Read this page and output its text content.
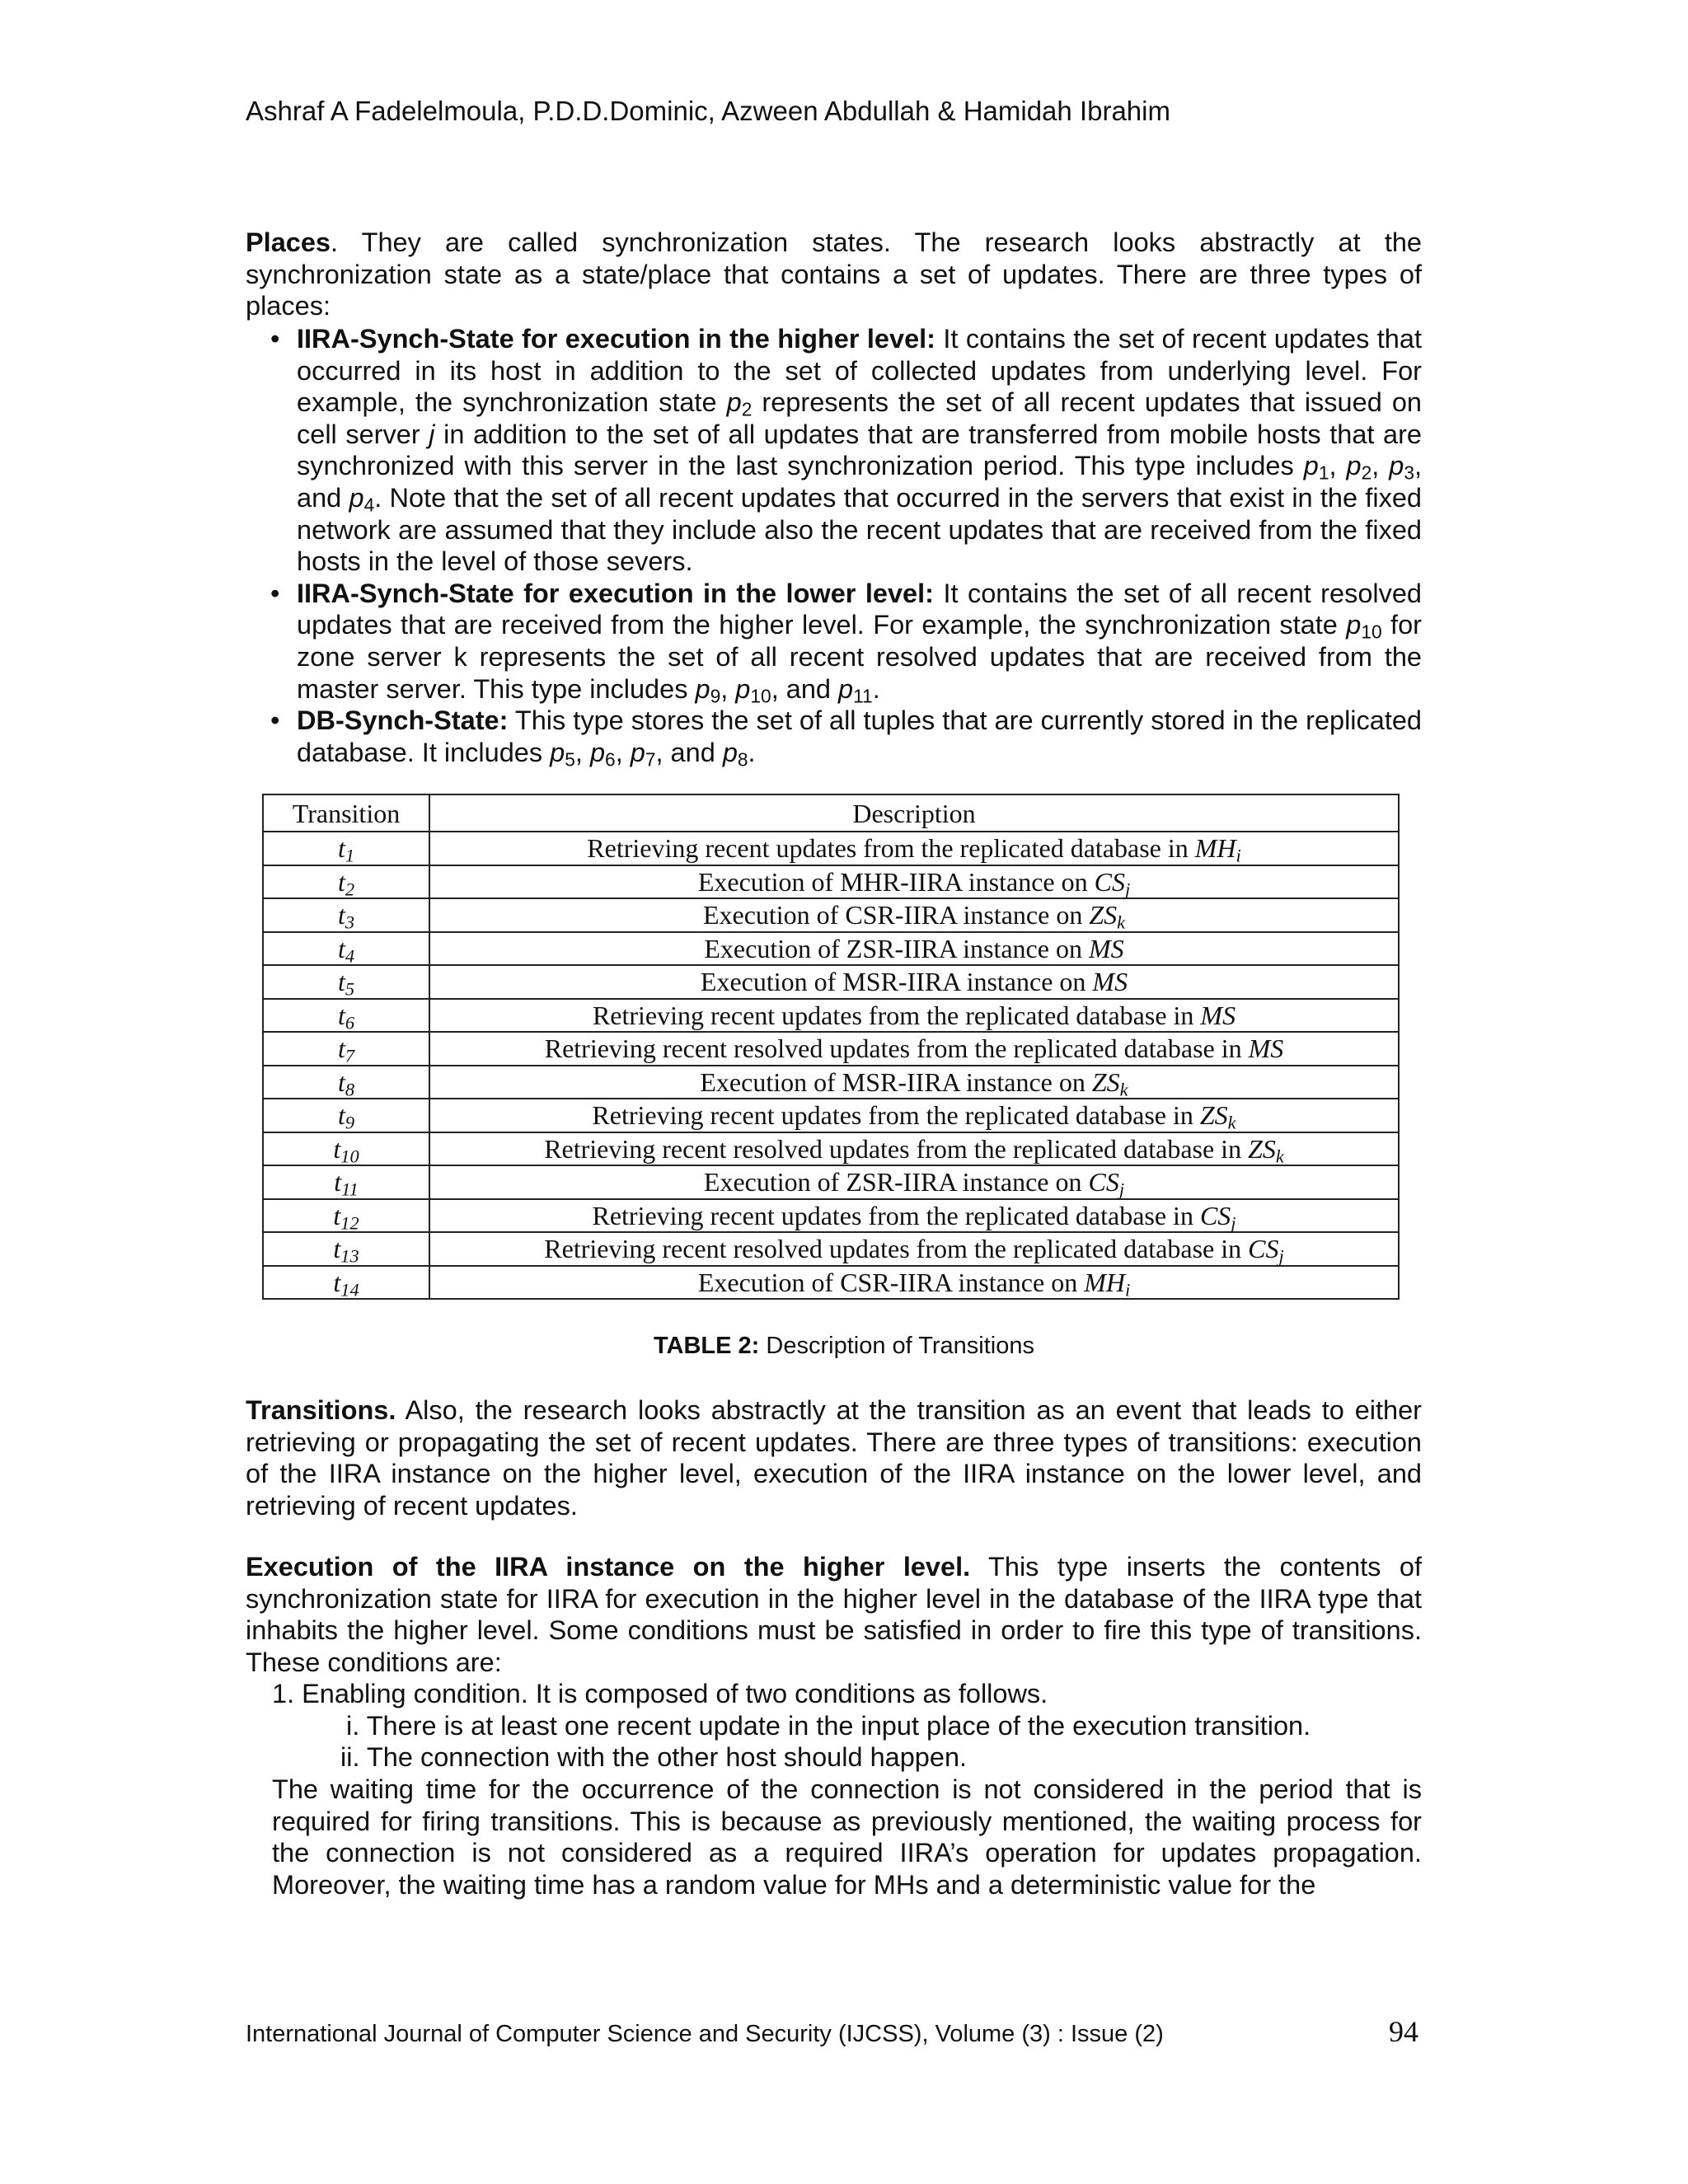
Ashraf A Fadelelmoula, P.D.D.Dominic, Azween Abdullah & Hamidah Ibrahim
Places. They are called synchronization states. The research looks abstractly at the synchronization state as a state/place that contains a set of updates. There are three types of places:
• IIRA-Synch-State for execution in the higher level: It contains the set of recent updates that occurred in its host in addition to the set of collected updates from underlying level. For example, the synchronization state $p_2$ represents the set of all recent updates that issued on cell server j in addition to the set of all updates that are transferred from mobile hosts that are synchronized with this server in the last synchronization period. This type includes $p_1$, $p_2$, $p_3$, and $p_4$. Note that the set of all recent updates that occurred in the servers that exist in the fixed network are assumed that they include also the recent updates that are received from the fixed hosts in the level of those severs.
• IIRA-Synch-State for execution in the lower level: It contains the set of all recent resolved updates that are received from the higher level. For example, the synchronization state $p_{10}$ for zone server k represents the set of all recent resolved updates that are received from the master server. This type includes $p_9$, $p_{10}$, and $p_{11}$.
• DB-Synch-State: This type stores the set of all tuples that are currently stored in the replicated database. It includes $p_5$, $p_6$, $p_7$, and $p_8$.
Transition	Description
$t_1$	Retrieving recent updates from the replicated database in $MH_i$
$t_2$	Execution of MHR-IIRA instance on $CS_j$
$t_3$	Execution of CSR-IIRA instance on $ZS_k$
$t_4$	Execution of ZSR-IIRA instance on MS
$t_5$	Execution of MSR-IIRA instance on MS
$t_6$	Retrieving recent updates from the replicated database in MS
$t_7$	Retrieving recent resolved updates from the replicated database in MS
$t_8$	Execution of MSR-IIRA instance on $ZS_k$
$t_9$	Retrieving recent updates from the replicated database in $ZS_k$
$t_{10}$	Retrieving recent resolved updates from the replicated database in $ZS_k$
$t_{11}$	Execution of ZSR-IIRA instance on $CS_j$
$t_{12}$	Retrieving recent updates from the replicated database in $CS_j$
$t_{13}$	Retrieving recent resolved updates from the replicated database in $CS_j$
$t_{14}$	Execution of CSR-IIRA instance on $MH_i$
TABLE 2: Description of Transitions
Transitions. Also, the research looks abstractly at the transition as an event that leads to either retrieving or propagating the set of recent updates. There are three types of transitions: execution of the IIRA instance on the higher level, execution of the IIRA instance on the lower level, and retrieving of recent updates.
Execution of the IIRA instance on the higher level. This type inserts the contents of synchronization state for IIRA for execution in the higher level in the database of the IIRA type that inhabits the higher level. Some conditions must be satisfied in order to fire this type of transitions. These conditions are:
1. Enabling condition. It is composed of two conditions as follows.
i. There is at least one recent update in the input place of the execution transition.
ii. The connection with the other host should happen.
The waiting time for the occurrence of the connection is not considered in the period that is required for firing transitions. This is because as previously mentioned, the waiting process for the connection is not considered as a required IIRA’s operation for updates propagation. Moreover, the waiting time has a random value for MHs and a deterministic value for the
International Journal of Computer Science and Security (IJCSS), Volume (3) : Issue (2)	94
